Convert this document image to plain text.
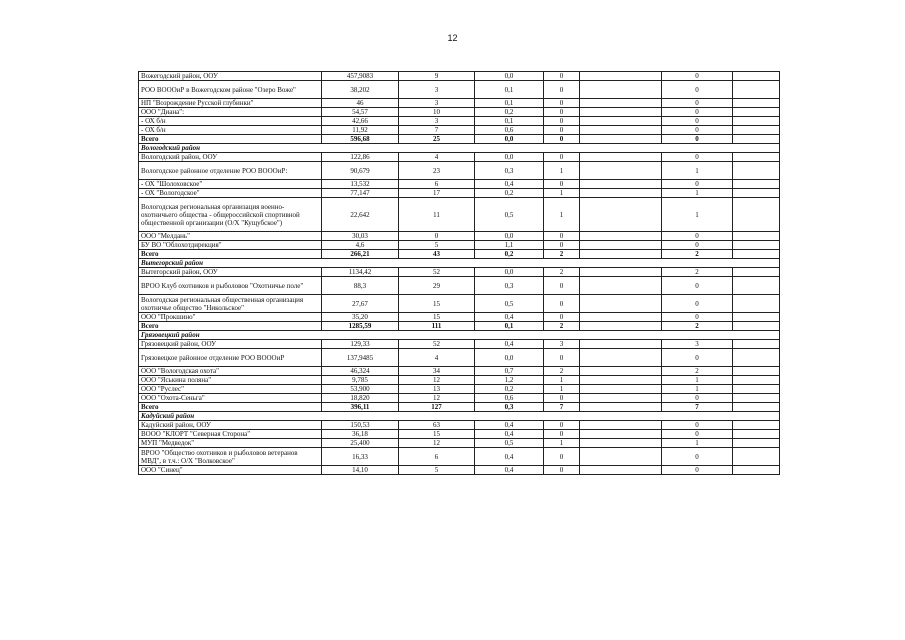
12
Вожегодский район, ООУ	457,9083	9	0,0	0		0	
РОО ВОООиР в Вожегодском районе "Озеро Воже"	38,202	3	0,1	0		0	
НП "Возрождение Русской глубинки"	46	3	0,1	0		0	
ООО "Диана":	54,57	10	0,2	0		0	
- ОХ б/н	42,66	3	0,1	0		0	
- ОХ б/н	11,92	7	0,6	0		0	
Всего	596,68	25	0,0	0		0	
Вологодский район							
Вологодский район, ООУ	122,86	4	0,0	0		0	
Вологодское районное отделение РОО ВОООиР:	90,679	23	0,3	1		1	
- ОХ "Шолоховское"	13,532	6	0,4	0		0	
- ОХ "Вологодское"	77,147	17	0,2	1		1	
Вологодская региональная организация военно-охотничьего общества - общероссийской спортивной общественной организации (О/Х "Кущубское")	22,642	11	0,5	1		1	
ООО "Мелдань"	30,03	0	0,0	0		0	
БУ ВО "Облохотдирекция"	4,6	5	1,1	0		0	
Всего	266,21	43	0,2	2		2	
Вытегорский район							
Вытегорский район, ООУ	1134,42	52	0,0	2		2	
ВРОО Клуб охотников и рыболовов "Охотничье поле"	88,3	29	0,3	0		0	
Вологодская региональная общественная организация охотничье общество "Никольское"	27,67	15	0,5	0		0	
ООО "Прокшино"	35,20	15	0,4	0		0	
Всего	1285,59	111	0,1	2		2	
Грязовецкий район							
Грязовецкий район, ООУ	129,33	52	0,4	3		3	
Грязовецкое районное отделение РОО ВОООиР	137,9485	4	0,0	0		0	
ООО "Вологодская охота"	46,324	34	0,7	2		2	
ООО "Яськина полянa"	9,785	12	1,2	1		1	
ООО "Руслес"	53,900	13	0,2	1		1	
ООО "Охота-Сеньга"	18,820	12	0,6	0		0	
Всего	396,11	127	0,3	7		7	
Кадуйский район							
Кадуйский район, ООУ	150,53	63	0,4	0		0	
ВООО "КЛОРТ "Северная Сторона"	36,18	15	0,4	0		0	
МУП "Медведок"	25,400	12	0,5	1		1	
ВРОО "Общество охотников и рыболовов ветеранов МВД", в т.ч.: О/Х "Волковское"	16,33	6	0,4	0		0	
ООО "Синец"	14,10	5	0,4	0		0	
